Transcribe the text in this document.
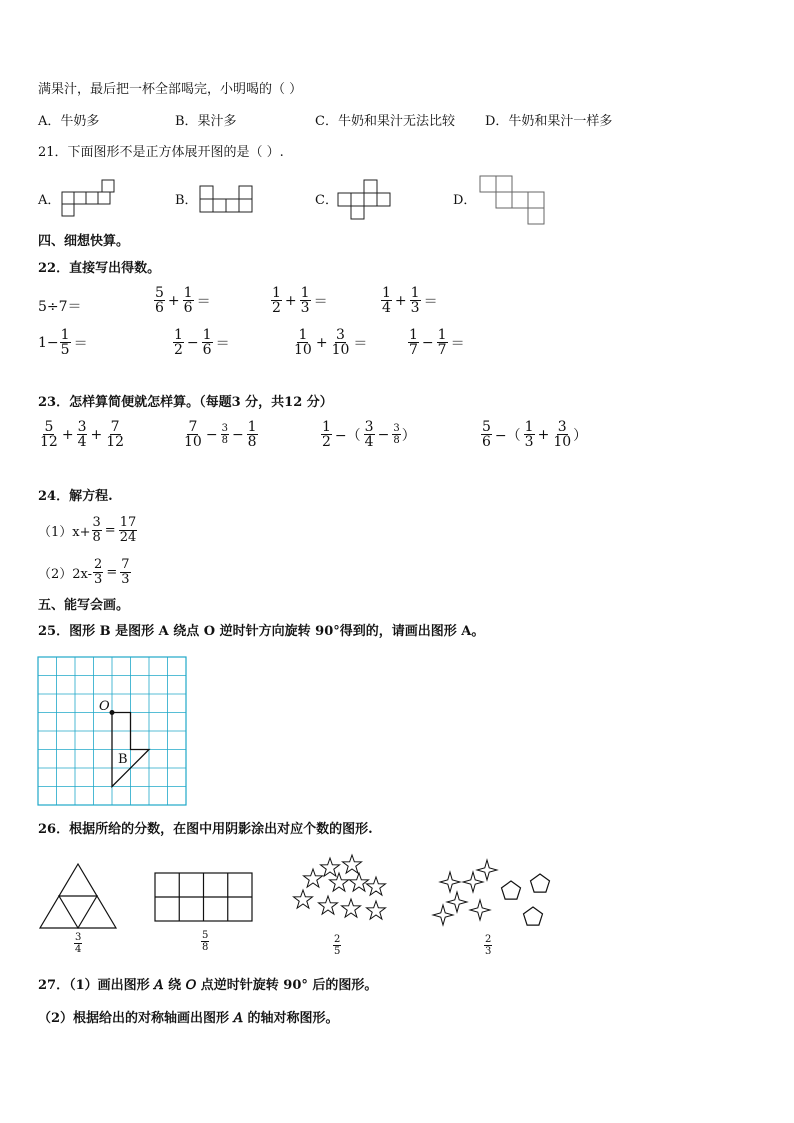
满果汁，最后把一杯全部喝完，小明喝的（ ）
A．牛奶多	B．果汁多	C．牛奶和果汁无法比较 D．牛奶和果汁一样多
21．下面图形不是正方体展开图的是（ ）.
A．	B．	C．	D．
四、细想快算。
22．直接写出得数。
5÷7＝	$\frac{5}{6} + \frac{1}{6}$ ＝	$\frac{1}{2} + \frac{1}{3}$ ＝	$\frac{1}{4} + \frac{1}{3}$ ＝
$1- \frac{1}{5}$ ＝	$\frac{1}{2} - \frac{1}{6}$ ＝	$\frac{1}{10} + \frac{3}{10}$ ＝	$\frac{1}{7} - \frac{1}{7}$ ＝
23．怎样算简便就怎样算。（每题3 分，共12 分）
$\frac{5}{12} + \frac{3}{4} + \frac{7}{12}$	$\frac{7}{10} - \frac{3}{8} - \frac{1}{8}$	$\frac{1}{2}$ −（ $\frac{3}{4} - \frac{3}{8}$ ）	$\frac{5}{6}$ −（ $\frac{1}{3} + \frac{3}{10}$ ）
24．解方程.
$(1)x+ \frac{3}{8} = \frac{17}{24}$
$(2)2x- \frac{2}{3} = \frac{7}{3}$
五、能写会画。
25．图形 B 是图形 A 绕点 O 逆时针方向旋转 90°得到的，请画出图形 A。
O
B
26．根据所给的分数，在图中用阴影涂出对应个数的图形.
$\frac{3}{4}$	$\frac{5}{8}$	$\frac{2}{5}$	$\frac{2}{3}$
27．（1）画出图形 𝐴 绕 𝑂 点逆时针旋转 90° 后的图形。
（2）根据给出的对称轴画出图形 𝐴 的轴对称图形。
